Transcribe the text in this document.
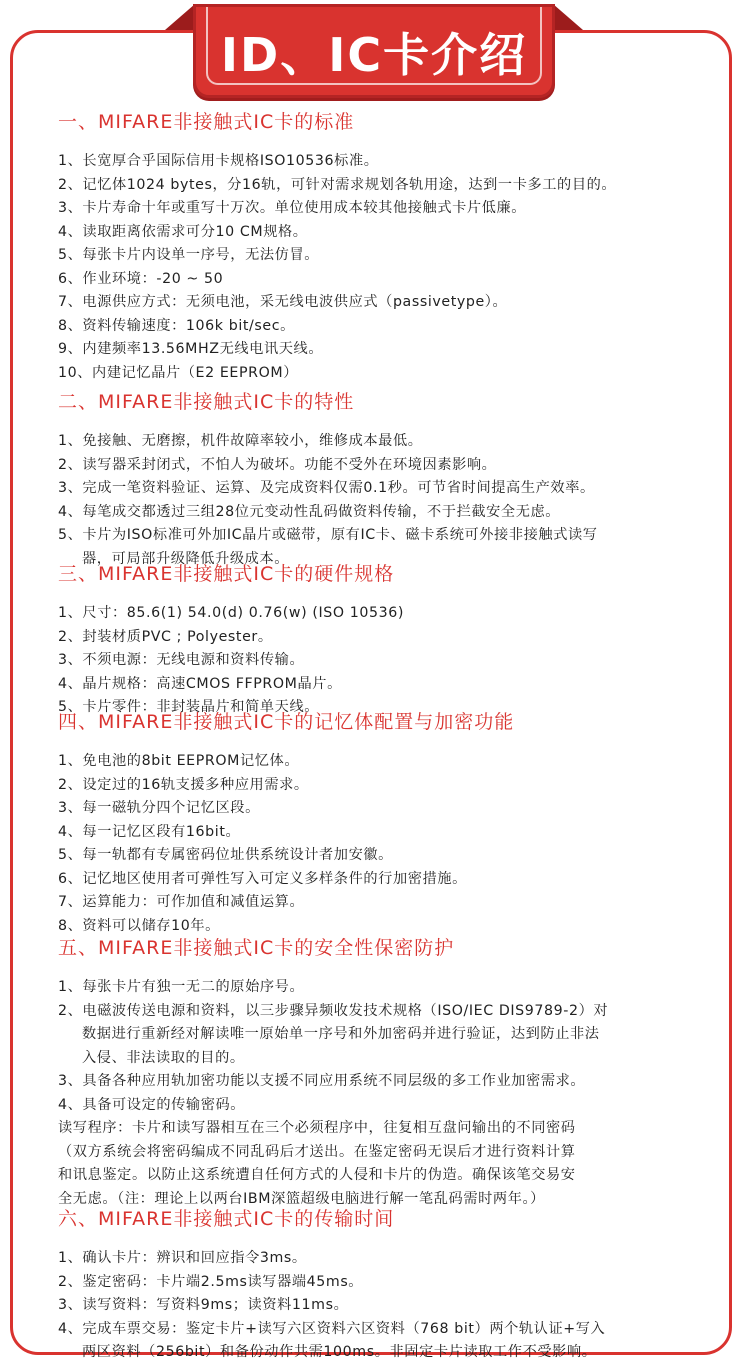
ID、IC卡介绍
一、MIFARE非接触式IC卡的标准
1、长宽厚合乎国际信用卡规格ISO10536标准。
2、记忆体1024 bytes，分16轨，可针对需求规划各轨用途，达到一卡多工的目的。
3、卡片寿命十年或重写十万次。单位使用成本较其他接触式卡片低廉。
4、读取距离依需求可分10 CM规格。
5、每张卡片内设单一序号，无法仿冒。
6、作业环境：-20 ~ 50
7、电源供应方式：无须电池，采无线电波供应式（passivetype）。
8、资料传输速度：106k bit/sec。
9、内建频率13.56MHZ无线电讯天线。
10、内建记忆晶片（E2 EEPROM）
二、MIFARE非接触式IC卡的特性
1、免接触、无磨擦，机件故障率较小，维修成本最低。
2、读写器采封闭式，不怕人为破坏。功能不受外在环境因素影响。
3、完成一笔资料验证、运算、及完成资料仅需0.1秒。可节省时间提高生产效率。
4、每笔成交都透过三组28位元变动性乱码做资料传输，不于拦截安全无虑。
5、卡片为ISO标准可外加IC晶片或磁带，原有IC卡、磁卡系统可外接非接触式读写
器，可局部升级降低升级成本。
三、MIFARE非接触式IC卡的硬件规格
1、尺寸：85.6(1) 54.0(d) 0.76(w) (ISO 10536)
2、封装材质PVC ; Polyester。
3、不须电源：无线电源和资料传输。
4、晶片规格：高速CMOS FFPROM晶片。
5、卡片零件：非封装晶片和简单天线。
四、MIFARE非接触式IC卡的记忆体配置与加密功能
1、免电池的8bit EEPROM记忆体。
2、设定过的16轨支援多种应用需求。
3、每一磁轨分四个记忆区段。
4、每一记忆区段有16bit。
5、每一轨都有专属密码位址供系统设计者加安徽。
6、记忆地区使用者可弹性写入可定义多样条件的行加密措施。
7、运算能力：可作加值和减值运算。
8、资料可以储存10年。
五、MIFARE非接触式IC卡的安全性保密防护
1、每张卡片有独一无二的原始序号。
2、电磁波传送电源和资料，以三步骤异频收发技术规格（ISO/IEC DIS9789-2）对
数据进行重新经对解读唯一原始单一序号和外加密码并进行验证，达到防止非法
入侵、非法读取的目的。
3、具备各种应用轨加密功能以支援不同应用系统不同层级的多工作业加密需求。
4、具备可设定的传输密码。
读写程序：卡片和读写器相互在三个必须程序中，往复相互盘问输出的不同密码
（双方系统会将密码编成不同乱码后才送出。在鉴定密码无误后才进行资料计算
和讯息鉴定。以防止这系统遭自任何方式的人侵和卡片的伪造。确保该笔交易安
全无虑。（注：理论上以两台IBM深篮超级电脑进行解一笔乱码需时两年。）
六、MIFARE非接触式IC卡的传输时间
1、确认卡片：辨识和回应指令3ms。
2、鉴定密码：卡片端2.5ms读写器端45ms。
3、读写资料：写资料9ms；读资料11ms。
4、完成车票交易：鉴定卡片+读写六区资料六区资料（768 bit）两个轨认证+写入
两区资料（256bit）和备份动作共需100ms。非固定卡片读取工作不受影响。
